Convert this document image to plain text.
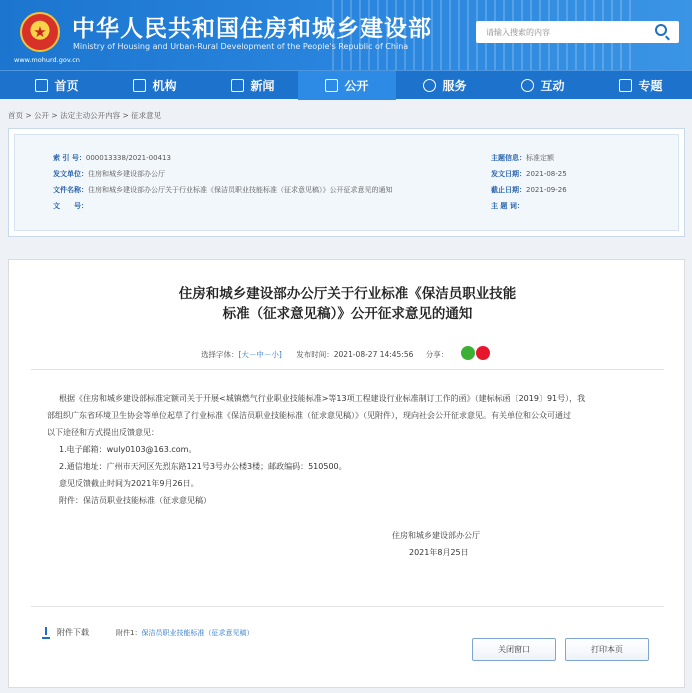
★	中华人民共和国住房和城乡建设部
Ministry of Housing and Urban-Rural Development of the People's Republic of China
www.mohurd.gov.cn
请输入搜索的内容
首页	机构	新闻	公开	服务	互动	专题
首页 > 公开 > 法定主动公开内容 > 征求意见
索 引 号：000013338/2021-00413
发文单位：住房和城乡建设部办公厅
文件名称：住房和城乡建设部办公厅关于行业标准《保洁员职业技能标准（征求意见稿）》公开征求意见的通知
文　　号：
主题信息：标准定额
发文日期：2021-08-25
截止日期：2021-09-26
主 题 词：
住房和城乡建设部办公厅关于行业标准《保洁员职业技能
标准（征求意见稿）》公开征求意见的通知
选择字体：[大－中－小] 发布时间：2021-08-27 14:45:56 分享：
根据《住房和城乡建设部标准定额司关于开展<城镇燃气行业职业技能标准>等13项工程建设行业标准制订工作的函》（建标标函〔2019〕91号），我
部组织广东省环境卫生协会等单位起草了行业标准《保洁员职业技能标准（征求意见稿）》（见附件），现向社会公开征求意见。有关单位和公众可通过
以下途径和方式提出反馈意见：
1.电子邮箱：wuly0103@163.com。
2.通信地址：广州市天河区先烈东路121号3号办公楼3楼；邮政编码：510500。
意见反馈截止时间为2021年9月26日。
附件：保洁员职业技能标准（征求意见稿）
住房和城乡建设部办公厅
2021年8月25日
附件下载	附件1：保洁员职业技能标准（征求意见稿）
关闭窗口	打印本页
